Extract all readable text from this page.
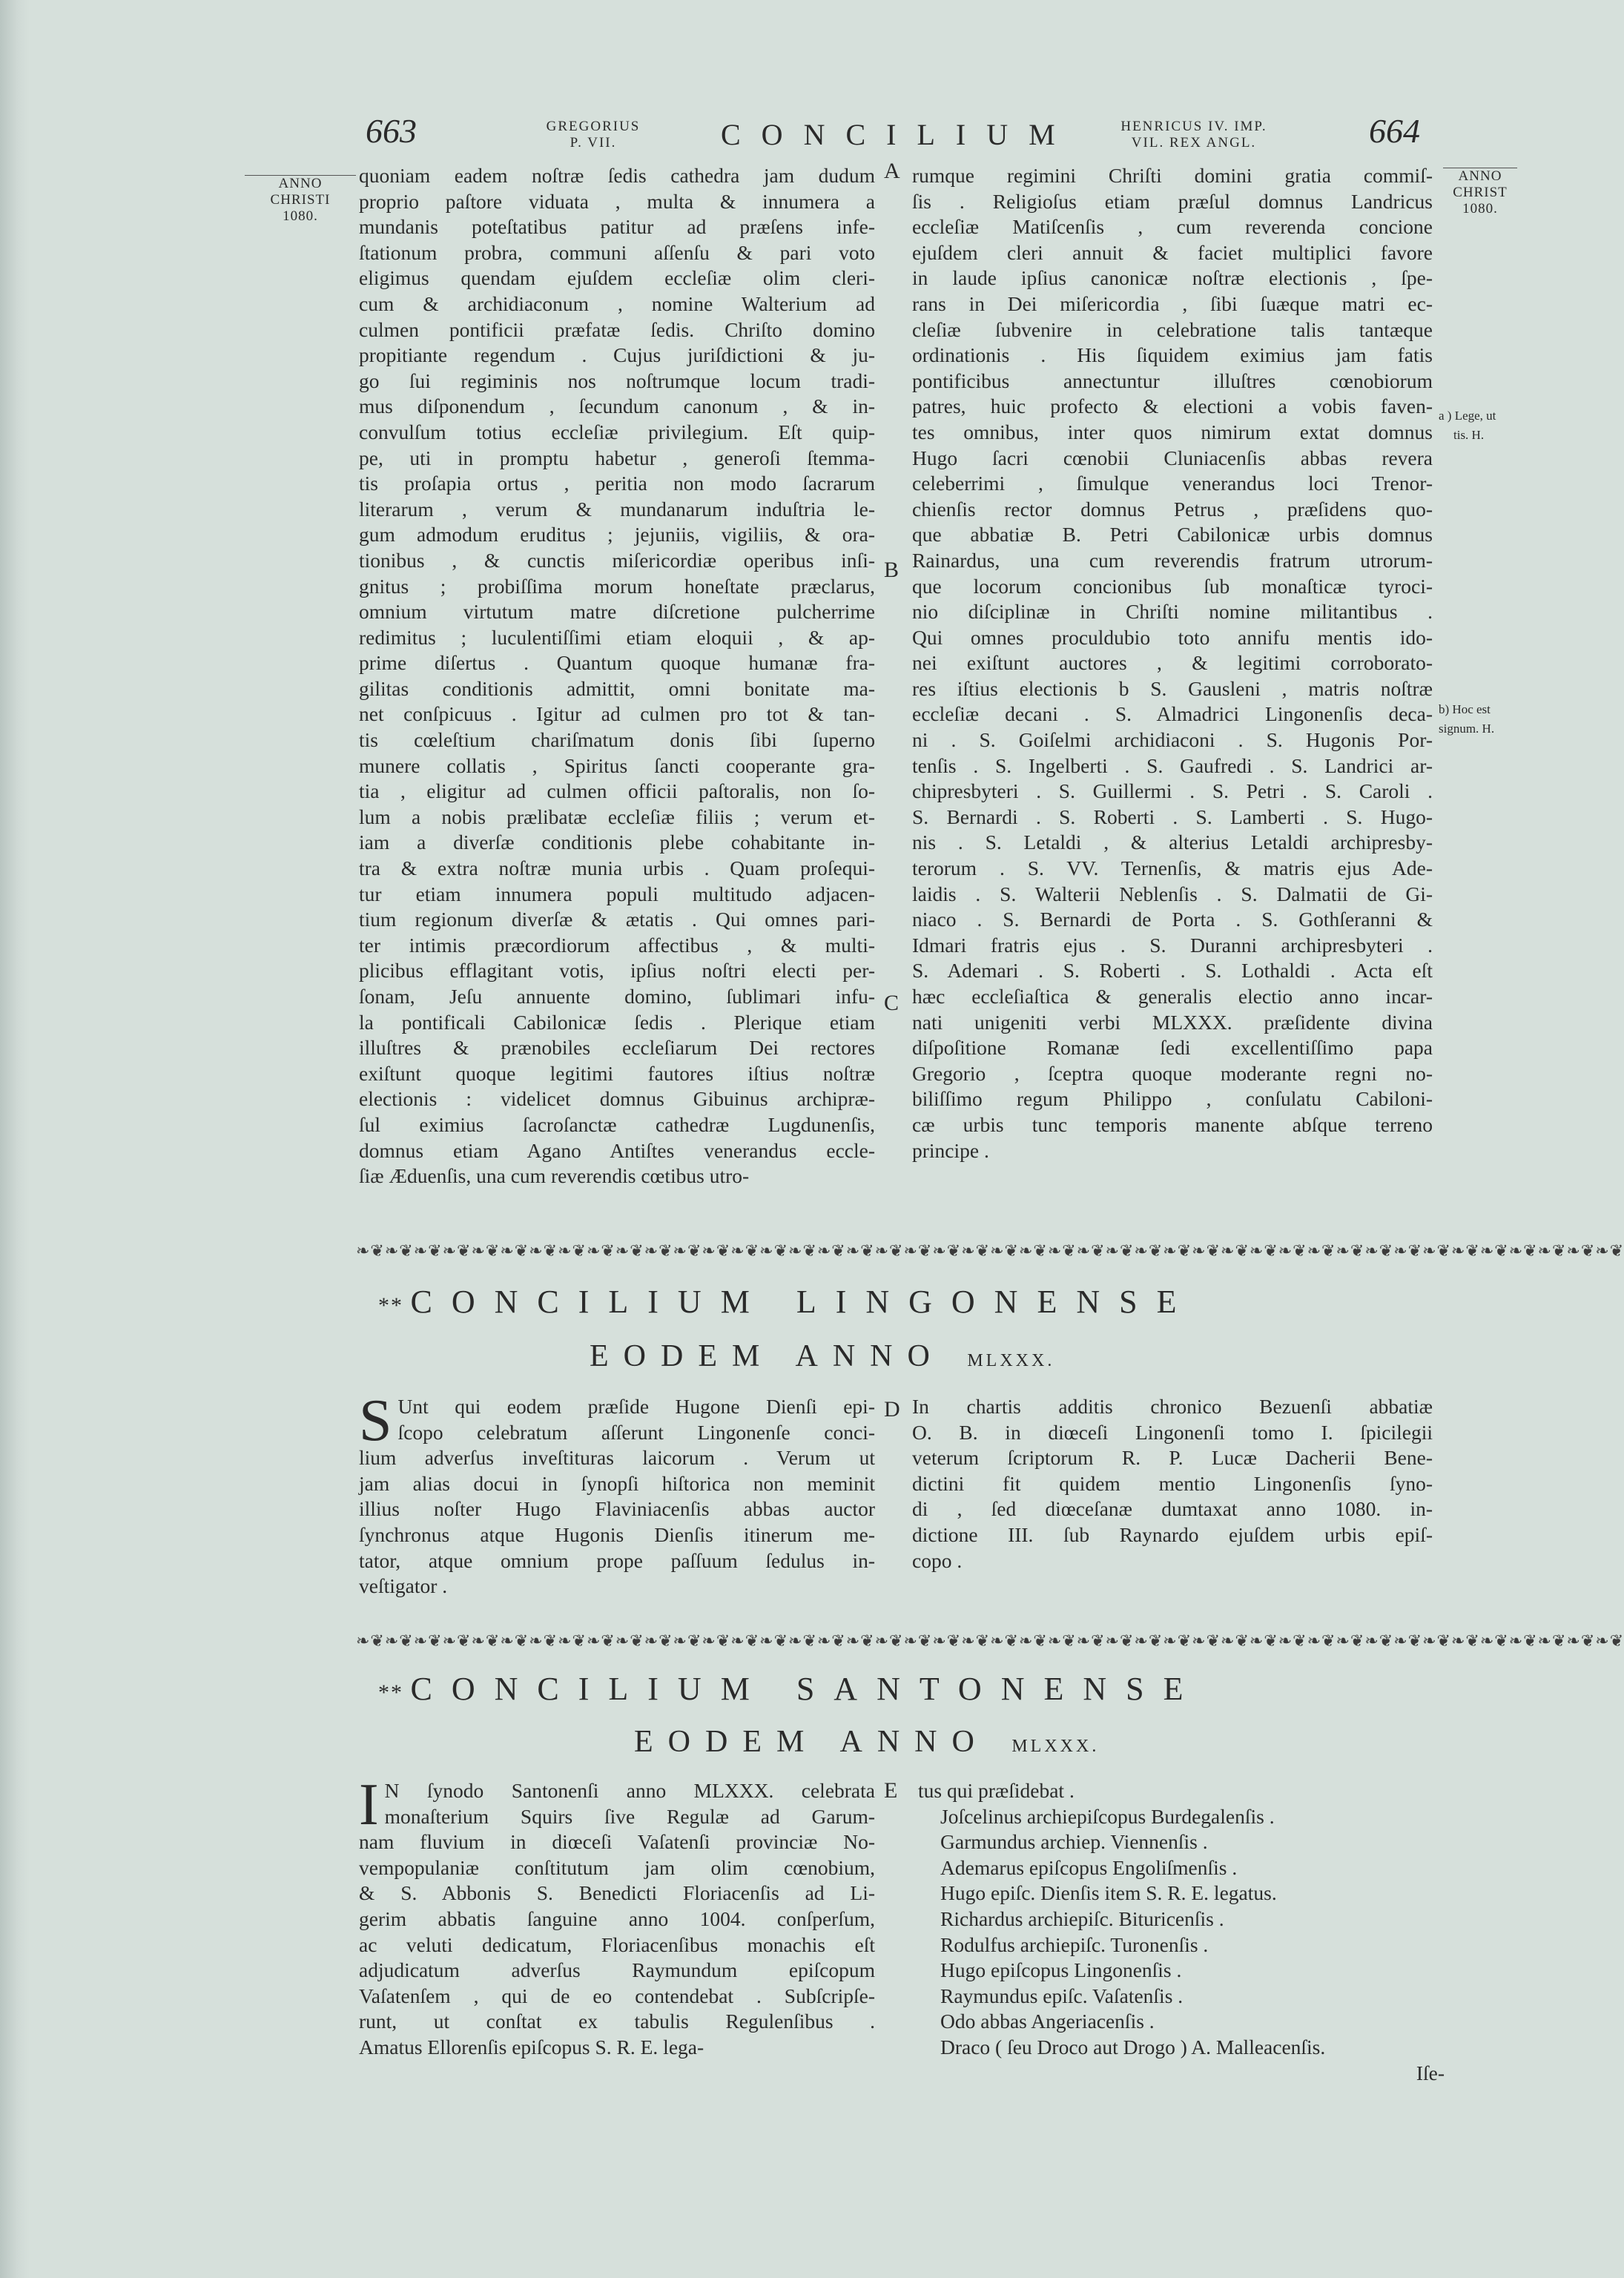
663	GREGORIUS
P. VII.	CONCILIUM	HENRICUS IV. IMP.
VIL. REX ANGL.	664
ANNO
CHRISTI
1080.
ANNO
CHRIST
1080.
a ) Lege, ut
tis. H.
b) Hoc est
signum. H.
A
B
C
D
E

quoniam eadem noſtræ ſedis cathedra jam dudum

proprio paſtore viduata , multa & innumera a

mundanis poteſtatibus patitur ad præſens infe-

ſtationum probra, communi aſſenſu & pari voto

eligimus quendam ejuſdem eccleſiæ olim cleri-

cum & archidiaconum , nomine Walterium ad

culmen pontificii præfatæ ſedis. Chriſto domino

propitiante regendum . Cujus juriſdictioni & ju-

go ſui regiminis nos noſtrumque locum tradi-

mus diſponendum , ſecundum canonum , & in-

convulſum totius eccleſiæ privilegium. Eſt quip-

pe, uti in promptu habetur , generoſi ſtemma-

tis proſapia ortus , peritia non modo ſacrarum

literarum , verum & mundanarum induſtria le-

gum admodum eruditus ; jejuniis, vigiliis, & ora-

tionibus , & cunctis miſericordiæ operibus inſi-

gnitus ; probiſſima morum honeſtate præclarus,

omnium virtutum matre diſcretione pulcherrime

redimitus ; luculentiſſimi etiam eloquii , & ap-

prime diſertus . Quantum quoque humanæ fra-

gilitas conditionis admittit, omni bonitate ma-

net conſpicuus . Igitur ad culmen pro tot & tan-

tis cœleſtium chariſmatum donis ſibi ſuperno

munere collatis , Spiritus ſancti cooperante gra-

tia , eligitur ad culmen officii paſtoralis, non ſo-

lum a nobis prælibatæ eccleſiæ filiis ; verum et-

iam a diverſæ conditionis plebe cohabitante in-

tra & extra noſtræ munia urbis . Quam proſequi-

tur etiam innumera populi multitudo adjacen-

tium regionum diverſæ & ætatis . Qui omnes pari-

ter intimis præcordiorum affectibus , & multi-

plicibus efflagitant votis, ipſius noſtri electi per-

ſonam, Jeſu annuente domino, ſublimari infu-

la pontificali Cabilonicæ ſedis . Plerique etiam

illuſtres & prænobiles eccleſiarum Dei rectores

exiſtunt quoque legitimi fautores iſtius noſtræ

electionis : videlicet domnus Gibuinus archipræ-

ſul eximius ſacroſanctæ cathedræ Lugdunenſis,

domnus etiam Agano Antiſtes venerandus eccle-

ſiæ Æduenſis, una cum reverendis cœtibus utro-

rumque regimini Chriſti domini gratia commiſ-

ſis . Religioſus etiam præſul domnus Landricus

eccleſiæ Matiſcenſis , cum reverenda concione

ejuſdem cleri annuit & faciet multiplici favore

in laude ipſius canonicæ noſtræ electionis , ſpe-

rans in Dei miſericordia , ſibi ſuæque matri ec-

cleſiæ ſubvenire in celebratione talis tantæque

ordinationis . His ſiquidem eximius jam fatis

pontificibus annectuntur illuſtres cœnobiorum

patres, huic profecto & electioni a vobis faven-

tes omnibus, inter quos nimirum extat domnus

Hugo ſacri cœnobii Cluniacenſis abbas revera

celeberrimi , ſimulque venerandus loci Trenor-

chienſis rector domnus Petrus , præſidens quo-

que abbatiæ B. Petri Cabilonicæ urbis domnus

Rainardus, una cum reverendis fratrum utrorum-

que locorum concionibus ſub monaſticæ tyroci-

nio diſciplinæ in Chriſti nomine militantibus .

Qui omnes proculdubio toto annifu mentis ido-

nei exiſtunt auctores , & legitimi corroborato-

res iſtius electionis b S. Gausleni , matris noſtræ

eccleſiæ decani . S. Almadrici Lingonenſis deca-

ni . S. Goiſelmi archidiaconi . S. Hugonis Por-

tenſis . S. Ingelberti . S. Gaufredi . S. Landrici ar-

chipresbyteri . S. Guillermi . S. Petri . S. Caroli .

S. Bernardi . S. Roberti . S. Lamberti . S. Hugo-

nis . S. Letaldi , & alterius Letaldi archipresby-

terorum . S. VV. Ternenſis, & matris ejus Ade-

laidis . S. Walterii Neblenſis . S. Dalmatii de Gi-

niaco . S. Bernardi de Porta . S. Gothſeranni &

Idmari fratris ejus . S. Duranni archipresbyteri .

S. Ademari . S. Roberti . S. Lothaldi . Acta eſt

hæc eccleſiaſtica & generalis electio anno incar-

nati unigeniti verbi MLXXX. præſidente divina

diſpoſitione Romanæ ſedi excellentiſſimo papa

Gregorio , ſceptra quoque moderante regni no-

biliſſimo regum Philippo , conſulatu Cabiloni-

cæ urbis tunc temporis manente abſque terreno

principe .

❧❦❧❦❧❦❧❦❧❦❧❦❧❦❧❦❧❦❧❦❧❦❧❦❧❦❧❦❧❦❧❦❧❦❧❦❧❦❧❦❧❦❧❦❧❦❧❦❧❦❧❦❧❦❧❦❧❦❧❦❧❦❧❦❧❦❧❦❧❦❧❦❧❦❧❦❧❦❧❦❧❦❧❦❧❦❧❦
** CONCILIUM LINGONENSE
EODEM ANNO MLXXX.
S Unt qui eodem præſide Hugone Dienſi epi-

ſcopo celebratum aſſerunt Lingonenſe conci-

lium adverſus inveſtituras laicorum . Verum ut

jam alias docui in ſynopſi hiſtorica non meminit

illius noſter Hugo Flaviniacenſis abbas auctor

ſynchronus atque Hugonis Dienſis itinerum me-

tator, atque omnium prope paſſuum ſedulus in-

veſtigator .

In chartis additis chronico Bezuenſi abbatiæ

O. B. in diœceſi Lingonenſi tomo I. ſpicilegii

veterum ſcriptorum R. P. Lucæ Dacherii Bene-

dictini fit quidem mentio Lingonenſis ſyno-

di , ſed diœceſanæ dumtaxat anno 1080. in-

dictione III. ſub Raynardo ejuſdem urbis epiſ-

copo .

❧❦❧❦❧❦❧❦❧❦❧❦❧❦❧❦❧❦❧❦❧❦❧❦❧❦❧❦❧❦❧❦❧❦❧❦❧❦❧❦❧❦❧❦❧❦❧❦❧❦❧❦❧❦❧❦❧❦❧❦❧❦❧❦❧❦❧❦❧❦❧❦❧❦❧❦❧❦❧❦❧❦❧❦❧❦❧❦
** CONCILIUM SANTONENSE
EODEM ANNO MLXXX.
I N ſynodo Santonenſi anno MLXXX. celebrata

monaſterium Squirs ſive Regulæ ad Garum-

nam fluvium in diœceſi Vaſatenſi provinciæ No-

vempopulaniæ conſtitutum jam olim cœnobium,

& S. Abbonis S. Benedicti Floriacenſis ad Li-

gerim abbatis ſanguine anno 1004. conſperſum,

ac veluti dedicatum, Floriacenſibus monachis eſt

adjudicatum adverſus Raymundum epiſcopum

Vaſatenſem , qui de eo contendebat . Subſcripſe-

runt, ut conſtat ex tabulis Regulenſibus .

Amatus Ellorenſis epiſcopus S. R. E. lega-

tus qui præſidebat .

Joſcelinus archiepiſcopus Burdegalenſis .

Garmundus archiep. Viennenſis .

Ademarus epiſcopus Engoliſmenſis .

Hugo epiſc. Dienſis item S. R. E. legatus.

Richardus archiepiſc. Bituricenſis .

Rodulfus archiepiſc. Turonenſis .

Hugo epiſcopus Lingonenſis .

Raymundus epiſc. Vaſatenſis .

Odo abbas Angeriacenſis .

Draco ( ſeu Droco aut Drogo ) A. Malleacenſis.

Iſe-
